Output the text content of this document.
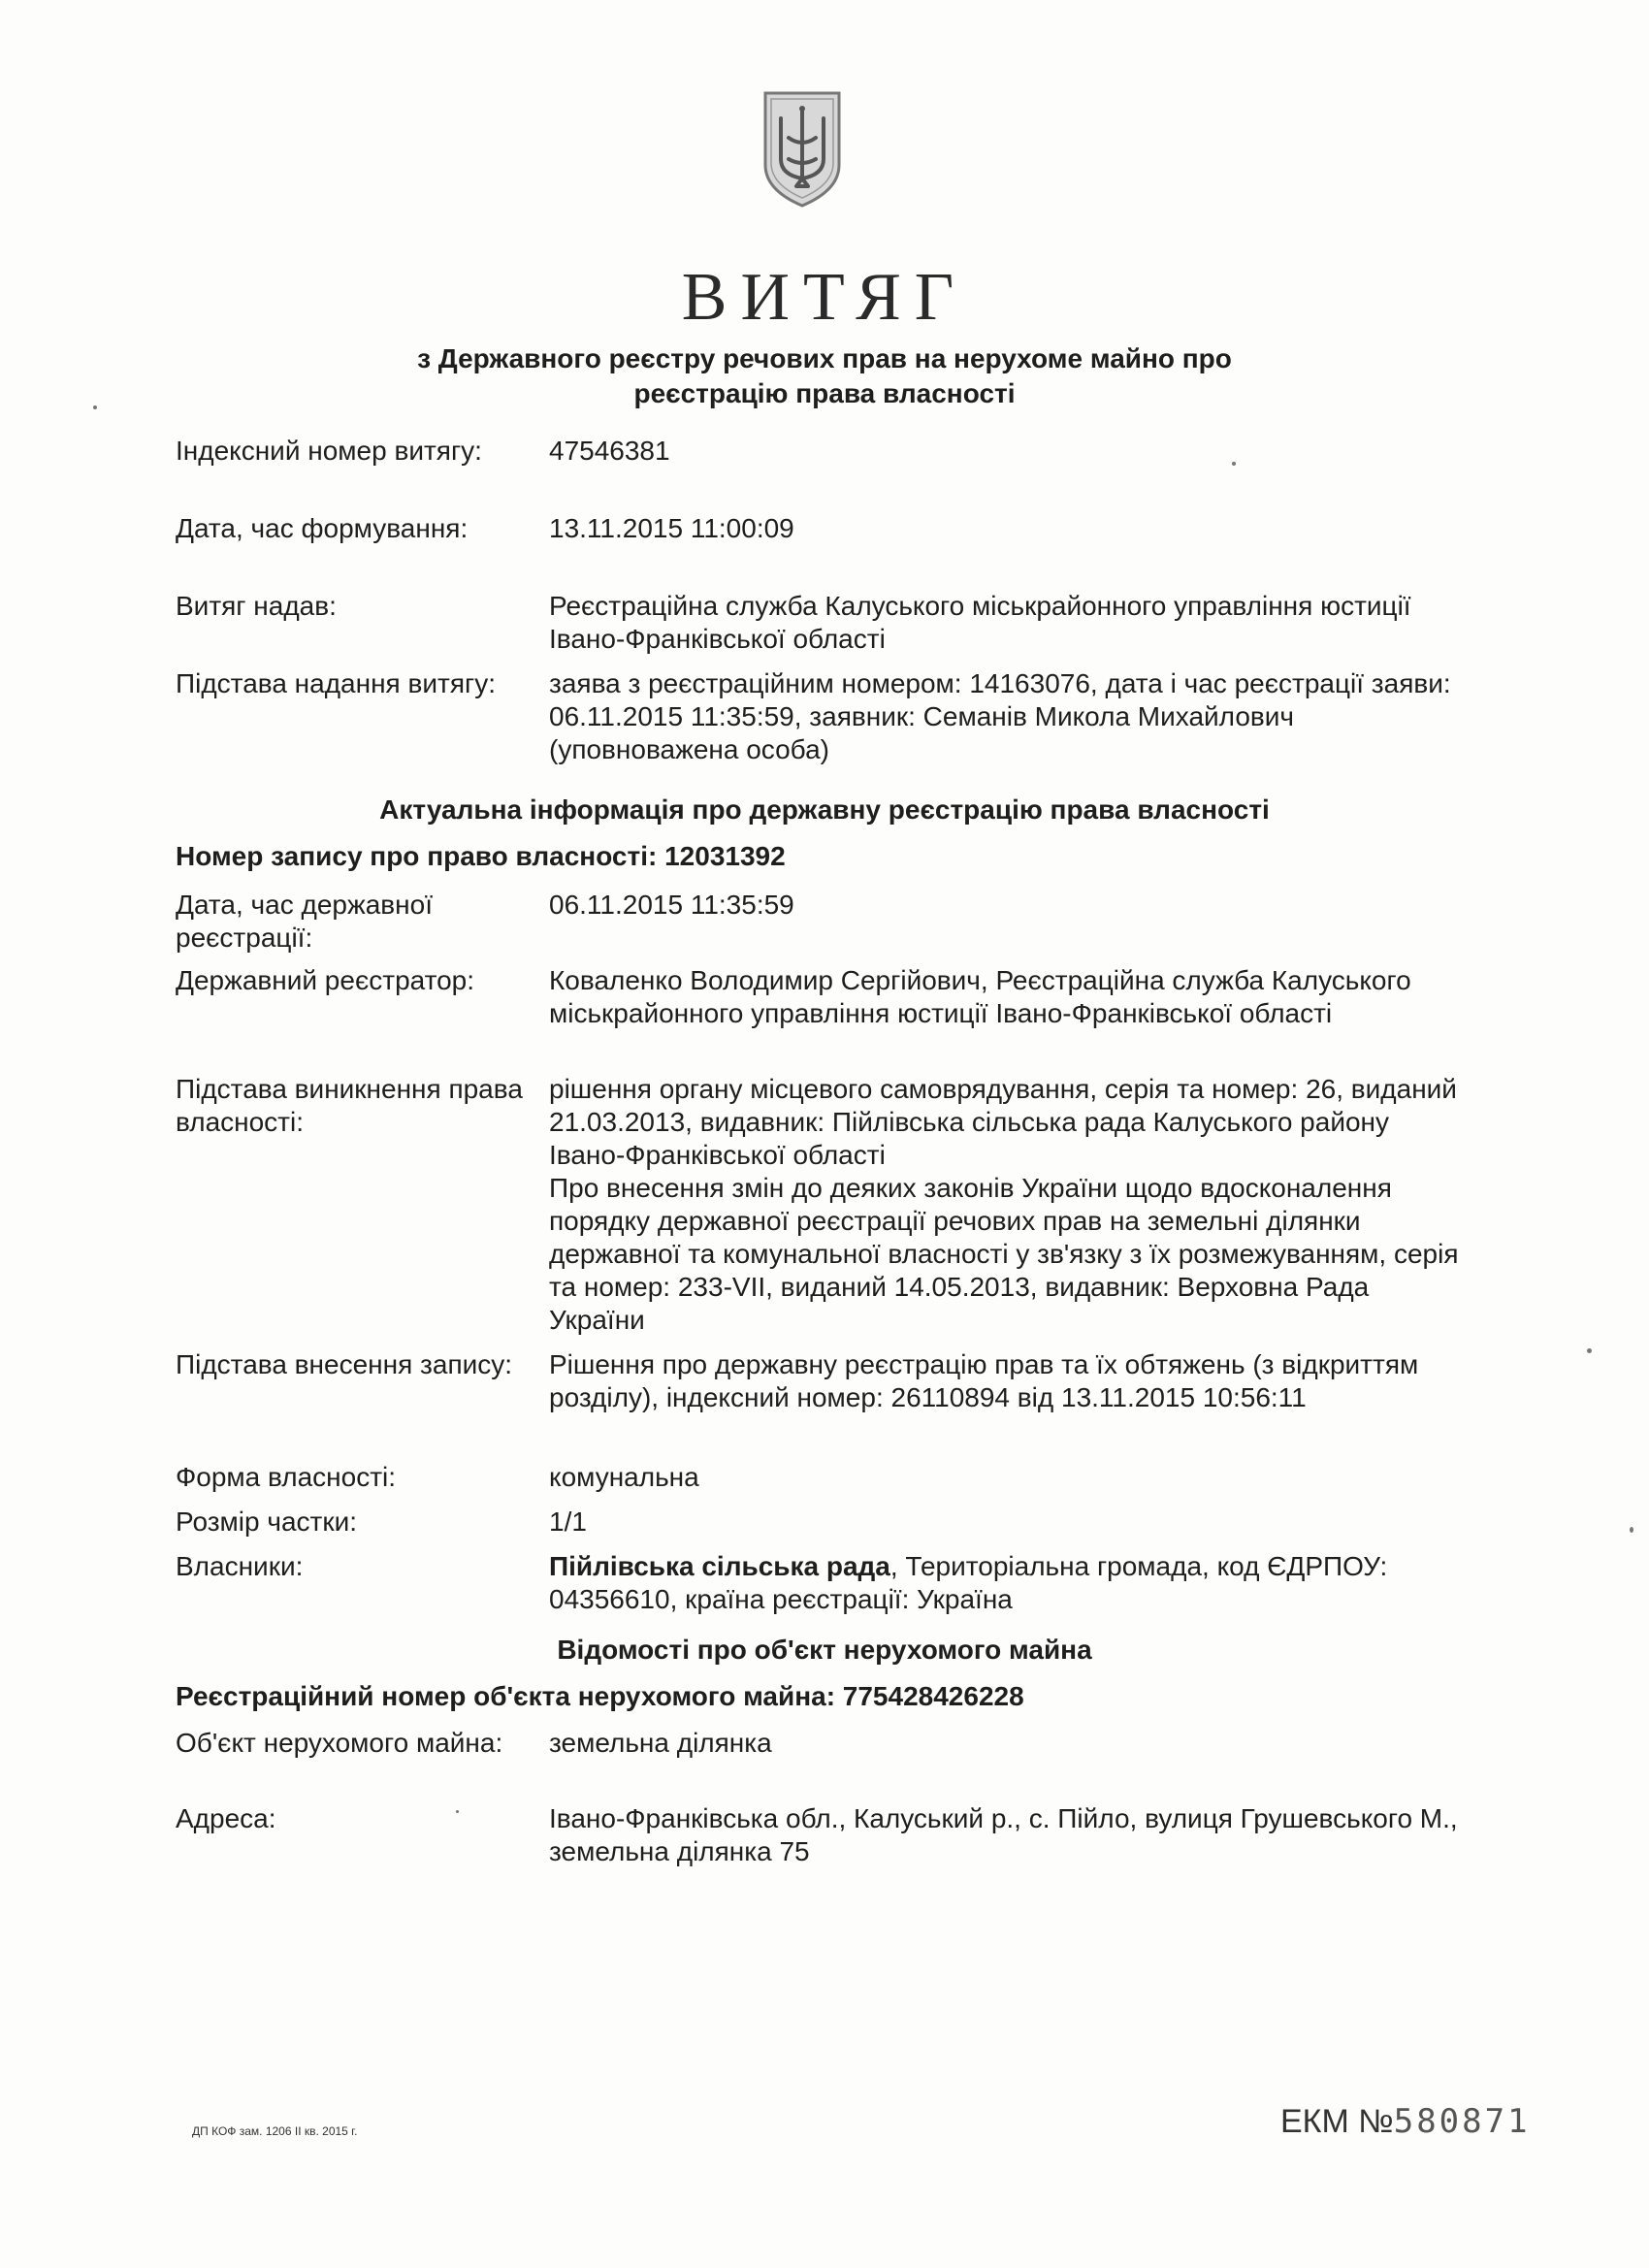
ВИТЯГ
з Державного реєстру речових прав на нерухоме майно про
реєстрацію права власності
Індексний номер витягу:	47546381
Дата, час формування:	13.11.2015 11:00:09
Витяг надав:	Реєстраційна служба Калуського міськрайонного управління юстиції Івано-Франківської області
Підстава надання витягу:	заява з реєстраційним номером: 14163076, дата і час реєстрації заяви: 06.11.2015 11:35:59, заявник: Семанів Микола Михайлович (уповноважена особа)
Актуальна інформація про державну реєстрацію права власності
Номер запису про право власності: 12031392
Дата, час державної реєстрації:
06.11.2015 11:35:59
Державний реєстратор:	Коваленко Володимир Сергійович, Реєстраційна служба Калуського міськрайонного управління юстиції Івано-Франківської області
Підстава виникнення права власності:
рішення органу місцевого самоврядування, серія та номер: 26, виданий 21.03.2013, видавник: Пійлівська сільська рада Калуського району Івано-Франківської області
Про внесення змін до деяких законів України щодо вдосконалення порядку державної реєстрації речових прав на земельні ділянки державної та комунальної власності у зв'язку з їх розмежуванням, серія та номер: 233-VII, виданий 14.05.2013, видавник: Верховна Рада України
Підстава внесення запису:	Рішення про державну реєстрацію прав та їх обтяжень (з відкриттям розділу), індексний номер: 26110894 від 13.11.2015 10:56:11
Форма власності:	комунальна
Розмір частки:	1/1
Власники:	Пійлівська сільська рада, Територіальна громада, код ЄДРПОУ: 04356610, країна реєстрації: Україна
Відомості про об'єкт нерухомого майна
Реєстраційний номер об'єкта нерухомого майна: 775428426228
Об'єкт нерухомого майна:	земельна ділянка
Адреса:	Івано-Франківська обл., Калуський р., с. Пійло, вулиця Грушевського М., земельна ділянка 75
ДП КОФ зам. 1206 II кв. 2015 г.	ЕКМ №580871
